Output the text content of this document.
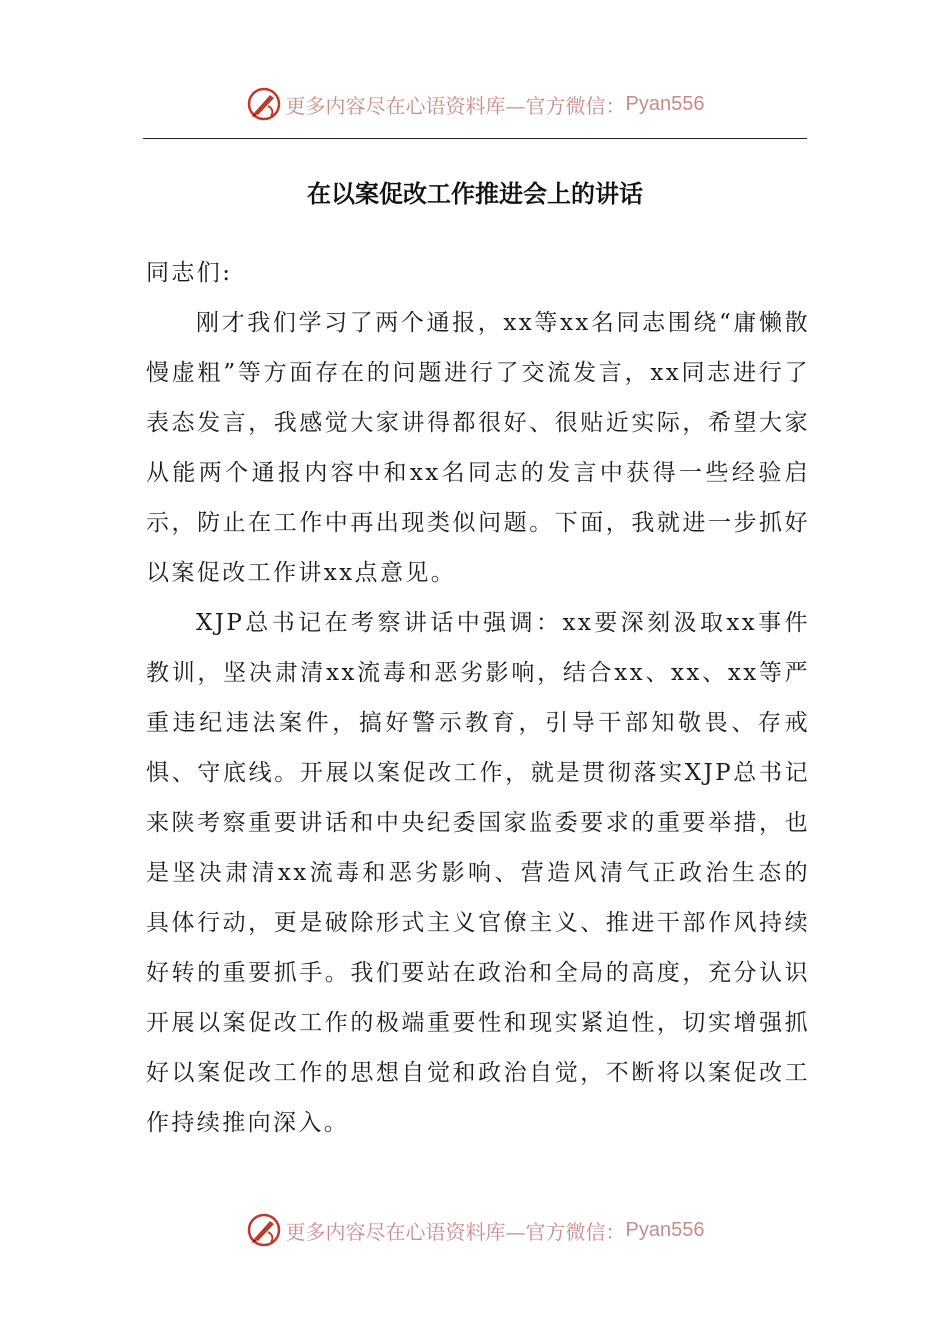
更多内容尽在心语资料库—官方微信： Pyan556
在以案促改工作推进会上的讲话

同志们:

刚才我们学习了两个通报，xx等xx名同志围绕“庸懒散慢虚粗”等方面存在的问题进行了交流发言，xx同志进行了表态发言，我感觉大家讲得都很好、很贴近实际，希望大家从能两个通报内容中和xx名同志的发言中获得一些经验启示，防止在工作中再出现类似问题。下面，我就进一步抓好以案促改工作讲xx点意见。

XJP总书记在考察讲话中强调：xx要深刻汲取xx事件教训，坚决肃清xx流毒和恶劣影响，结合xx、xx、xx等严重违纪违法案件，搞好警示教育，引导干部知敬畏、存戒惧、守底线。开展以案促改工作，就是贯彻落实XJP总书记来陕考察重要讲话和中央纪委国家监委要求的重要举措，也是坚决肃清xx流毒和恶劣影响、营造风清气正政治生态的具体行动，更是破除形式主义官僚主义、推进干部作风持续好转的重要抓手。我们要站在政治和全局的高度，充分认识开展以案促改工作的极端重要性和现实紧迫性，切实增强抓好以案促改工作的思想自觉和政治自觉，不断将以案促改工作持续推向深入。

更多内容尽在心语资料库—官方微信： Pyan556
